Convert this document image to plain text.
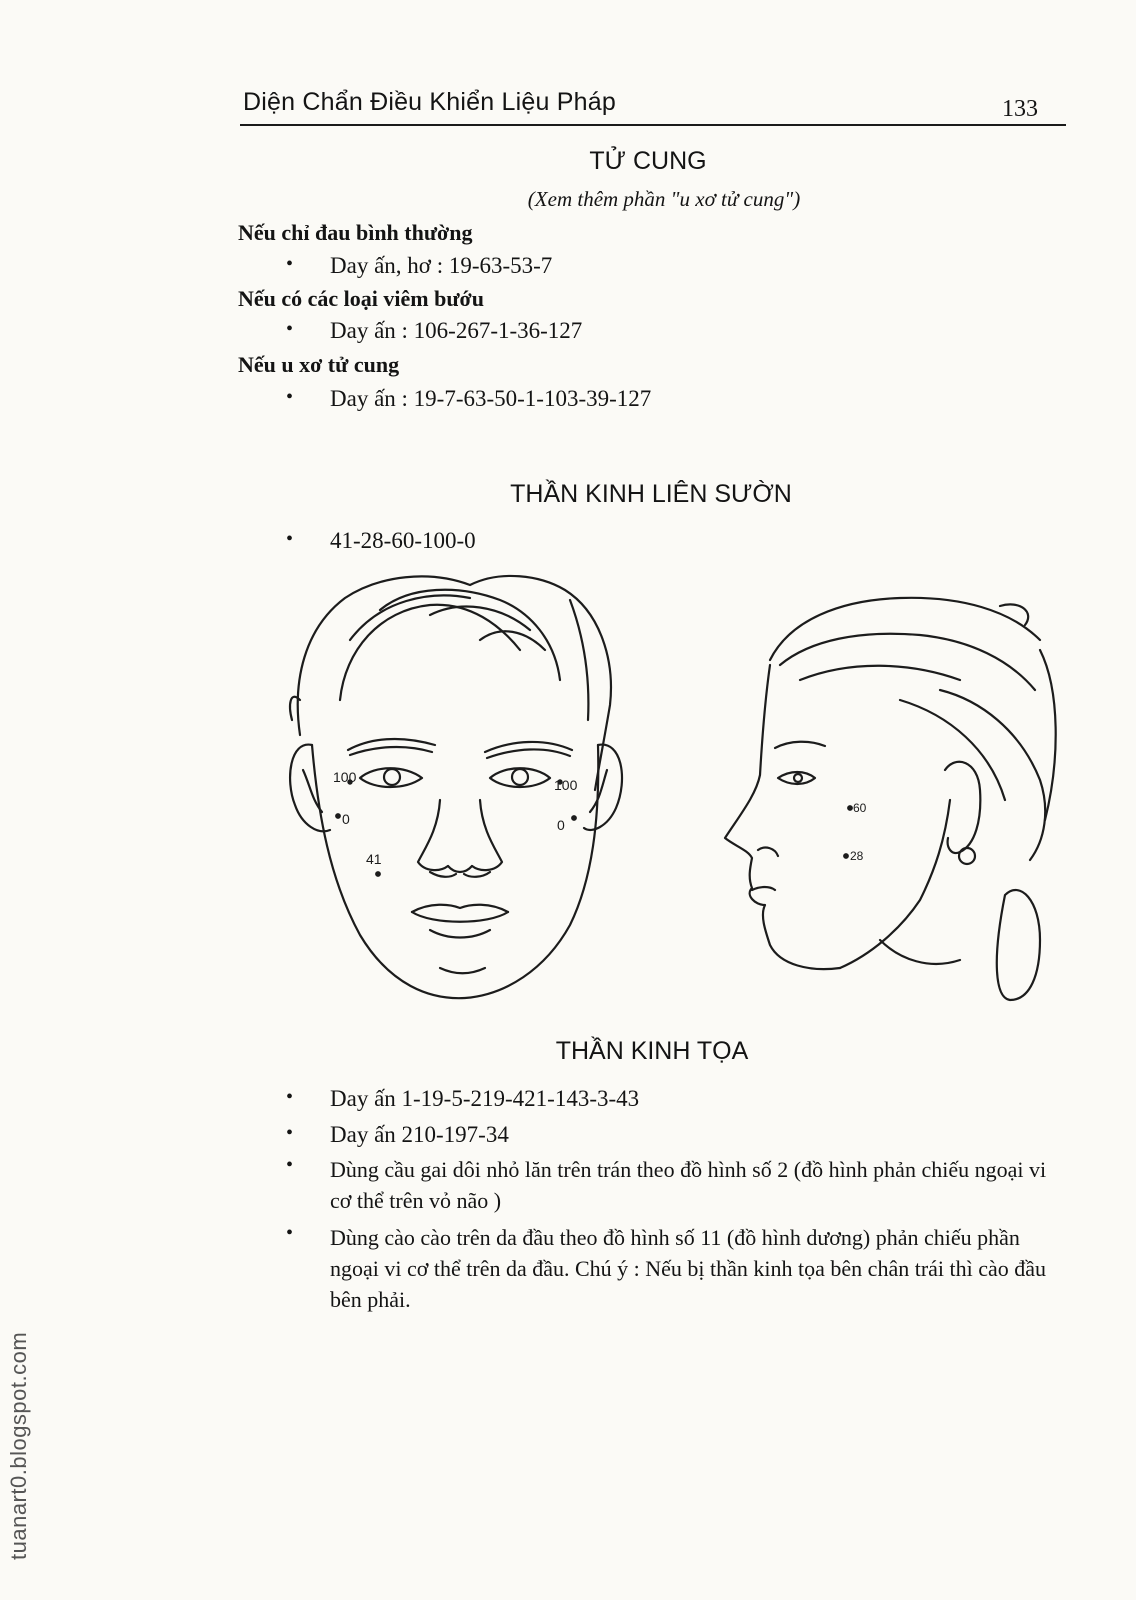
Diện Chẩn Điều Khiển Liệu Pháp	133
TỬ CUNG
(Xem thêm phần "u xơ tử cung")
Nếu chỉ đau bình thường
• Day ấn, hơ : 19-63-53-7
Nếu có các loại viêm bướu
• Day ấn : 106-267-1-36-127
Nếu u xơ tử cung
• Day ấn : 19-7-63-50-1-103-39-127
THẦN KINH LIÊN SƯỜN
• 41-28-60-100-0
100	100
0	0
41
60
28
THẦN KINH TỌA
• Day ấn 1-19-5-219-421-143-3-43
• Day ấn 210-197-34
• Dùng cầu gai dôi nhỏ lăn trên trán theo đồ hình số 2 (đồ hình phản chiếu ngoại vi cơ thể trên vỏ não )
• Dùng cào cào trên da đầu theo đồ hình số 11 (đồ hình dương) phản chiếu phần ngoại vi cơ thể trên da đầu. Chú ý : Nếu bị thần kinh tọa bên chân trái thì cào đầu bên phải.
tuanart0.blogspot.com
